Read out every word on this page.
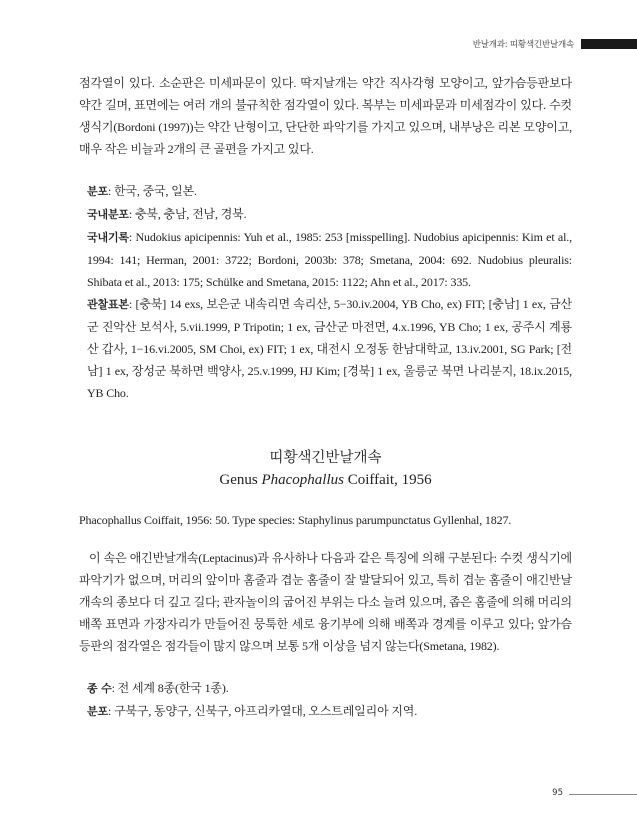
반날개과: 띠황색긴반날개속

점각열이 있다. 소순판은 미세파문이 있다. 딱지날개는 약간 직사각형 모양이고, 앞가슴등판보다 약간 길며, 표면에는 여러 개의 불규칙한 점각열이 있다. 복부는 미세파문과 미세점각이 있다. 수컷 생식기(Bordoni (1997))는 약간 난형이고, 단단한 파악기를 가지고 있으며, 내부낭은 리본 모양이고, 매우 작은 비늘과 2개의 큰 골편을 가지고 있다.

분포: 한국, 중국, 일본.

국내분포: 충북, 충남, 전남, 경북.

국내기록: Nudokius apicipennis: Yuh et al., 1985: 253 [misspelling]. Nudobius apicipennis: Kim et al., 1994: 141; Herman, 2001: 3722; Bordoni, 2003b: 378; Smetana, 2004: 692. Nudobius pleuralis: Shibata et al., 2013: 175; Schülke and Smetana, 2015: 1122; Ahn et al., 2017: 335.

관찰표본: [충북] 14 exs, 보은군 내속리면 속리산, 5−30.iv.2004, YB Cho, ex) FIT; [충남] 1 ex, 금산군 진악산 보석사, 5.vii.1999, P Tripotin; 1 ex, 금산군 마전면, 4.x.1996, YB Cho; 1 ex, 공주시 계룡산 갑사, 1−16.vi.2005, SM Choi, ex) FIT; 1 ex, 대전시 오정동 한남대학교, 13.iv.2001, SG Park; [전남] 1 ex, 장성군 북하면 백양사, 25.v.1999, HJ Kim; [경북] 1 ex, 울릉군 북면 나리분지, 18.ix.2015, YB Cho.

띠황색긴반날개속
Genus Phacophallus Coiffait, 1956

Phacophallus Coiffait, 1956: 50. Type species: Staphylinus parumpunctatus Gyllenhal, 1827.

이 속은 애긴반날개속(Leptacinus)과 유사하나 다음과 같은 특징에 의해 구분된다: 수컷 생식기에 파악기가 없으며, 머리의 앞이마 홈줄과 겹눈 홈줄이 잘 발달되어 있고, 특히 겹눈 홈줄이 애긴반날개속의 종보다 더 깊고 길다; 관자놀이의 굽어진 부위는 다소 늘려 있으며, 좁은 홈줄에 의해 머리의 배쪽 표면과 가장자리가 만들어진 뭉툭한 세로 융기부에 의해 배쪽과 경계를 이루고 있다; 앞가슴등판의 점각열은 점각들이 많지 않으며 보통 5개 이상을 넘지 않는다(Smetana, 1982).

종 수: 전 세계 8종(한국 1종).

분포: 구북구, 동양구, 신북구, 아프리카열대, 오스트레일리아 지역.

95
